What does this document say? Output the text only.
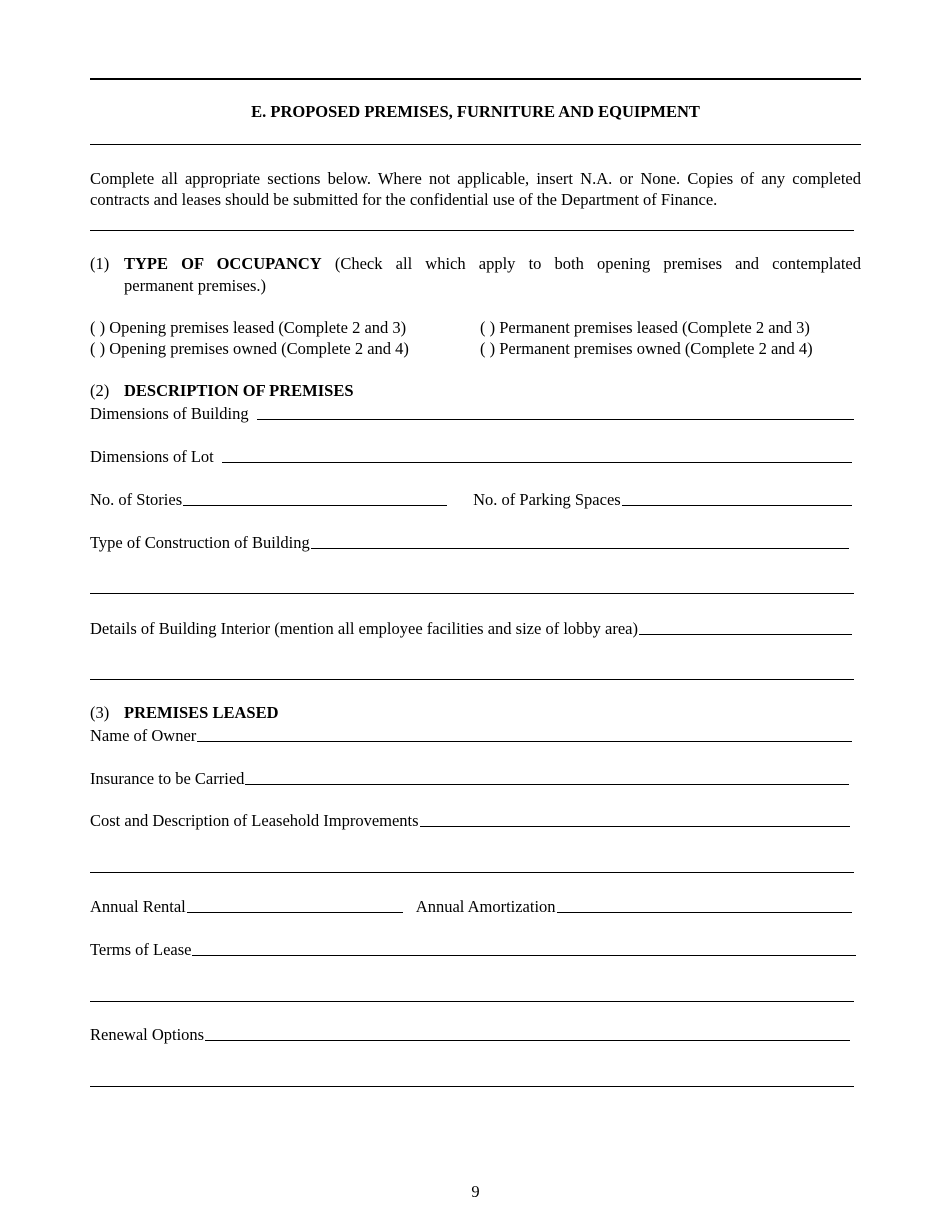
E. PROPOSED PREMISES, FURNITURE AND EQUIPMENT
Complete all appropriate sections below. Where not applicable, insert N.A. or None. Copies of any completed contracts and leases should be submitted for the confidential use of the Department of Finance.
(1) TYPE OF OCCUPANCY (Check all which apply to both opening premises and contemplated
permanent premises.)
( ) Opening premises leased (Complete 2 and 3)	( ) Permanent premises leased (Complete 2 and 3)
( ) Opening premises owned (Complete 2 and 4)	( ) Permanent premises owned (Complete 2 and 4)
(2) DESCRIPTION OF PREMISES
Dimensions of Building
Dimensions of Lot
No. of Stories	No. of Parking Spaces
Type of Construction of Building
Details of Building Interior (mention all employee facilities and size of lobby area)
(3) PREMISES LEASED
Name of Owner
Insurance to be Carried
Cost and Description of Leasehold Improvements
Annual Rental	Annual Amortization
Terms of Lease
Renewal Options
9
